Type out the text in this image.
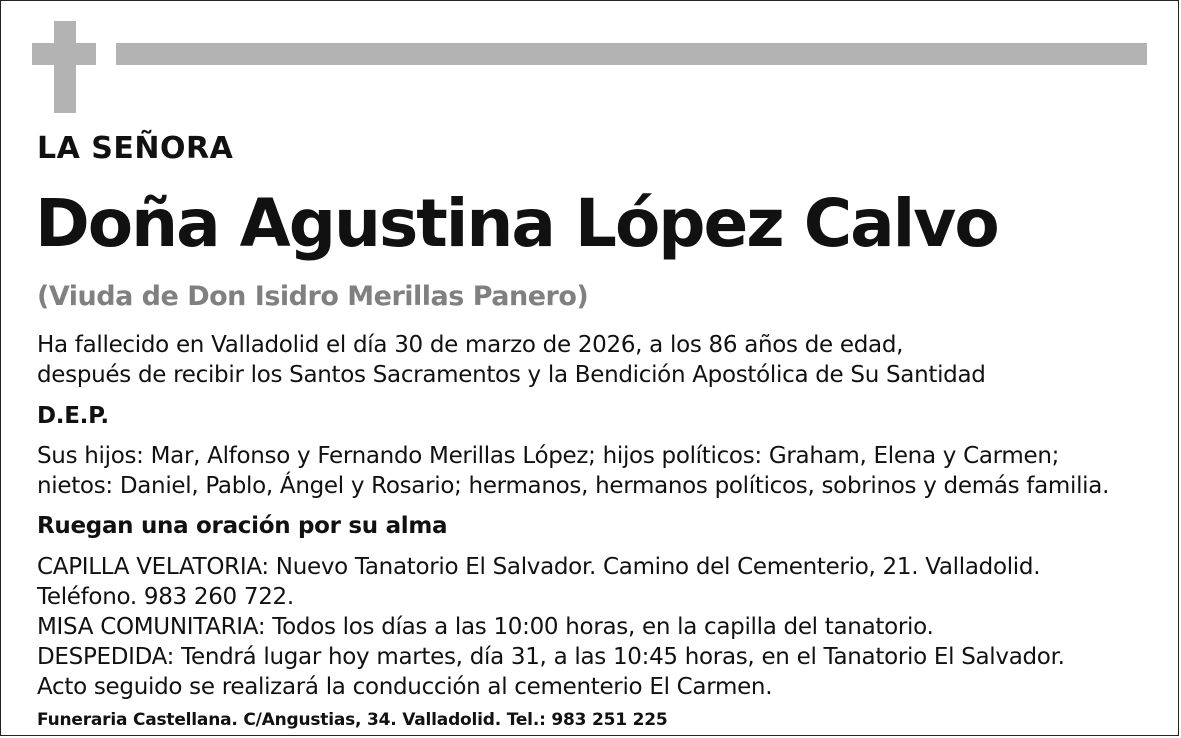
LA SEÑORA
Doña Agustina López Calvo
(Viuda de Don Isidro Merillas Panero)

Ha fallecido en Valladolid el día 30 de marzo de 2026, a los 86 años de edad,

después de recibir los Santos Sacramentos y la Bendición Apostólica de Su Santidad

D.E.P.

Sus hijos: Mar, Alfonso y Fernando Merillas López; hijos políticos: Graham, Elena y Carmen;

nietos: Daniel, Pablo, Ángel y Rosario; hermanos, hermanos políticos, sobrinos y demás familia.

Ruegan una oración por su alma

CAPILLA VELATORIA: Nuevo Tanatorio El Salvador. Camino del Cementerio, 21. Valladolid.

Teléfono. 983 260 722.

MISA COMUNITARIA: Todos los días a las 10:00 horas, en la capilla del tanatorio.

DESPEDIDA: Tendrá lugar hoy martes, día 31, a las 10:45 horas, en el Tanatorio El Salvador.

Acto seguido se realizará la conducción al cementerio El Carmen.

Funeraria Castellana. C/Angustias, 34. Valladolid. Tel.: 983 251 225
